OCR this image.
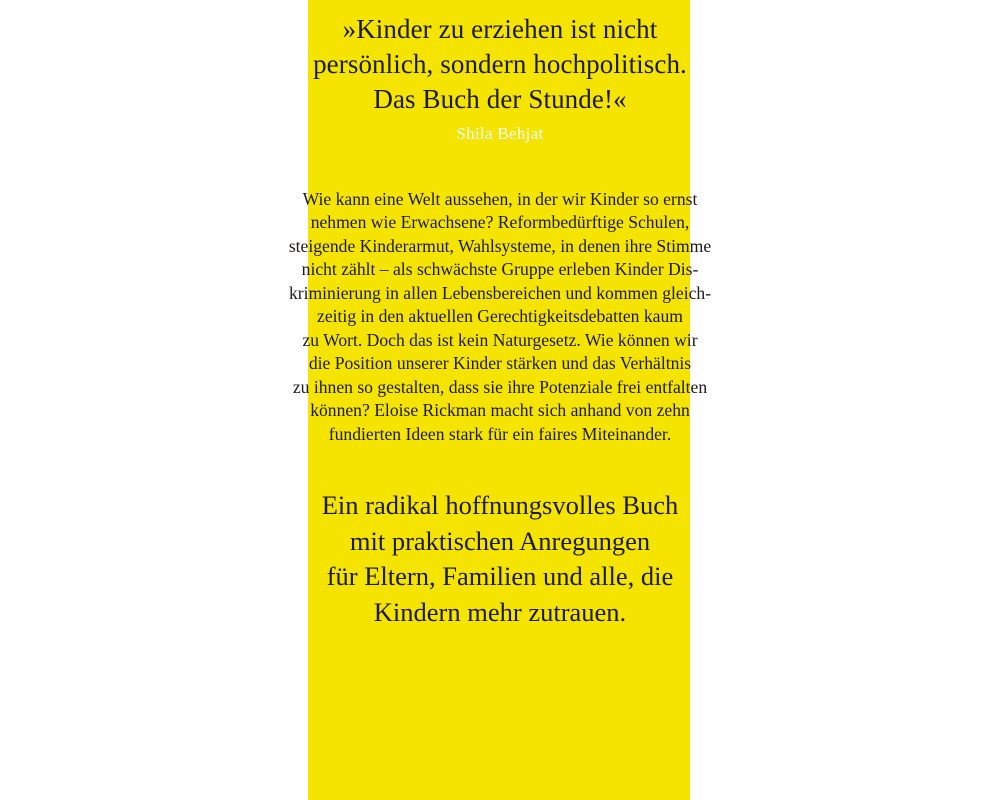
»Kinder zu erziehen ist nicht
persönlich, sondern hochpolitisch.
Das Buch der Stunde!«
Shila Behjat
Wie kann eine Welt aussehen, in der wir Kinder so ernst
nehmen wie Erwachsene? Reformbedürftige Schulen,
steigende Kinderarmut, Wahlsysteme, in denen ihre Stimme
nicht zählt – als schwächste Gruppe erleben Kinder Dis-
kriminierung in allen Lebensbereichen und kommen gleich-
zeitig in den aktuellen Gerechtigkeitsdebatten kaum
zu Wort. Doch das ist kein Naturgesetz. Wie können wir
die Position unserer Kinder stärken und das Verhältnis
zu ihnen so gestalten, dass sie ihre Potenziale frei entfalten
können? Eloise Rickman macht sich anhand von zehn
fundierten Ideen stark für ein faires Miteinander.
Ein radikal hoffnungsvolles Buch
mit praktischen Anregungen
für Eltern, Familien und alle, die
Kindern mehr zutrauen.
